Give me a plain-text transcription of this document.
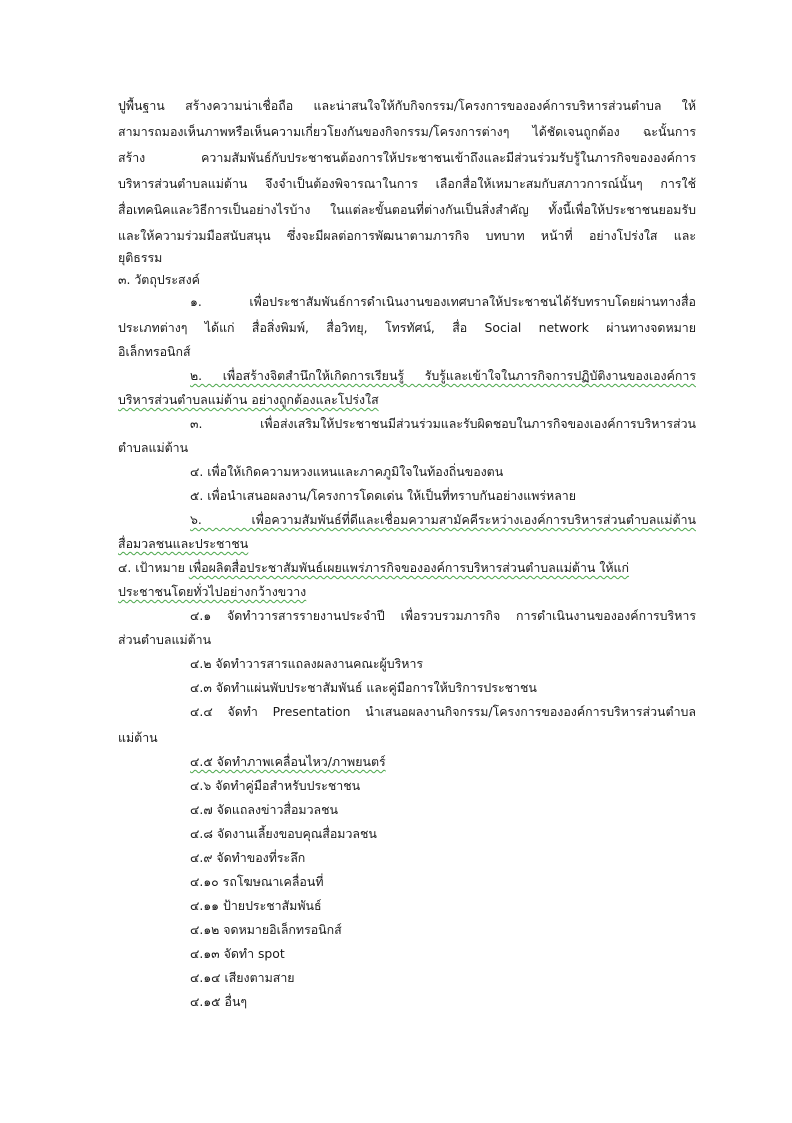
ปูพื้นฐาน สร้างความน่าเชื่อถือ และน่าสนใจให้กับกิจกรรม/โครงการขององค์การบริหารส่วนตำบล ให้
สามารถมองเห็นภาพหรือเห็นความเกี่ยวโยงกันของกิจกรรม/โครงการต่างๆ ได้ชัดเจนถูกต้อง ฉะนั้นการ
สร้าง ความสัมพันธ์กับประชาชนต้องการให้ประชาชนเข้าถึงและมีส่วนร่วมรับรู้ในภารกิจขององค์การ
บริหารส่วนตำบลแม่ต้าน จึงจำเป็นต้องพิจารณาในการ เลือกสื่อให้เหมาะสมกับสภาวการณ์นั้นๆ การใช้
สื่อเทคนิคและวิธีการเป็นอย่างไรบ้าง ในแต่ละขั้นตอนที่ต่างกันเป็นสิ่งสำคัญ ทั้งนี้เพื่อให้ประชาชนยอมรับ
และให้ความร่วมมือสนับสนุน ซึ่งจะมีผลต่อการพัฒนาตามภารกิจ บทบาท หน้าที่ อย่างโปร่งใส และ
ยุติธรรม
๓. วัตถุประสงค์
๑. เพื่อประชาสัมพันธ์การดำเนินงานของเทศบาลให้ประชาชนได้รับทราบโดยผ่านทางสื่อ
ประเภทต่างๆ ได้แก่ สื่อสิ่งพิมพ์, สื่อวิทยุ, โทรทัศน์, สื่อ Social network ผ่านทางจดหมาย
อิเล็กทรอนิกส์
๒. เพื่อสร้างจิตสำนึกให้เกิดการเรียนรู้ รับรู้และเข้าใจในภารกิจการปฏิบัติงานของเองค์การ
บริหารส่วนตำบลแม่ต้าน อย่างถูกต้องและโปร่งใส
๓. เพื่อส่งเสริมให้ประชาชนมีส่วนร่วมและรับผิดชอบในภารกิจของเองค์การบริหารส่วน
ตำบลแม่ต้าน
๔. เพื่อให้เกิดความหวงแหนและภาคภูมิใจในท้องถิ่นของตน
๕. เพื่อนำเสนอผลงาน/โครงการโดดเด่น ให้เป็นที่ทราบกันอย่างแพร่หลาย
๖. เพื่อความสัมพันธ์ที่ดีและเชื่อมความสามัคคีระหว่างเองค์การบริหารส่วนตำบลแม่ต้าน
สื่อมวลชนและประชาชน
๔. เป้าหมาย เพื่อผลิตสื่อประชาสัมพันธ์เผยแพร่ภารกิจขององค์การบริหารส่วนตำบลแม่ต้าน ให้แก่
ประชาชนโดยทั่วไปอย่างกว้างขวาง
๔.๑ จัดทำวารสารรายงานประจำปี เพื่อรวบรวมภารกิจ การดำเนินงานขององค์การบริหาร
ส่วนตำบลแม่ต้าน
๔.๒ จัดทำวารสารแถลงผลงานคณะผู้บริหาร
๔.๓ จัดทำแผ่นพับประชาสัมพันธ์ และคู่มือการให้บริการประชาชน
๔.๔ จัดทำ Presentation นำเสนอผลงานกิจกรรม/โครงการขององค์การบริหารส่วนตำบล
แม่ต้าน
๔.๕ จัดทำภาพเคลื่อนไหว/ภาพยนตร์
๔.๖ จัดทำคู่มือสำหรับประชาชน
๔.๗ จัดแถลงข่าวสื่อมวลชน
๔.๘ จัดงานเลี้ยงขอบคุณสื่อมวลชน
๔.๙ จัดทำของที่ระลึก
๔.๑๐ รถโฆษณาเคลื่อนที่
๔.๑๑ ป้ายประชาสัมพันธ์
๔.๑๒ จดหมายอิเล็กทรอนิกส์
๔.๑๓ จัดทำ spot
๔.๑๔ เสียงตามสาย
๔.๑๕ อื่นๆ
